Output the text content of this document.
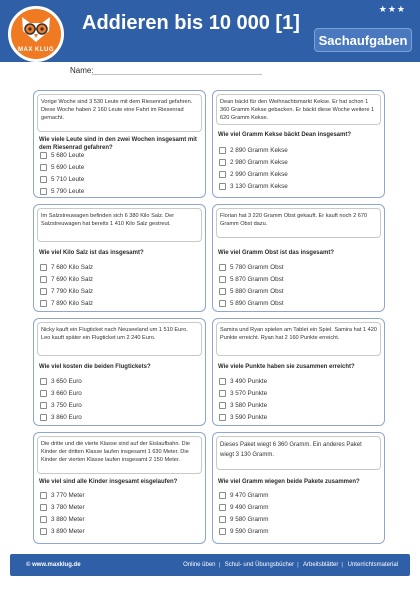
MAX KLUG
Addieren bis 10 000 [1]
★★★
Sachaufgaben
Name:
Vorige Woche sind 3 530 Leute mit dem Riesenrad gefahren. Diese Woche haben 2 160 Leute eine Fahrt im Riesenrad gemacht.
Wie viele Leute sind in den zwei Wochen insgesamt mit dem Riesenrad gefahren?
5 680 Leute
5 690 Leute
5 710 Leute
5 790 Leute
Dean bäckt für den Weihnachtsmarkt Kekse. Er hat schon 1 360 Gramm Kekse gebacken. Er bäckt diese Woche weitere 1 620 Gramm Kekse.
Wie viel Gramm Kekse bäckt Dean insgesamt?
2 890 Gramm Kekse
2 980 Gramm Kekse
2 990 Gramm Kekse
3 130 Gramm Kekse
Im Salzstreuwagen befinden sich 6 380 Kilo Salz. Der Salzstreuwagen hat bereits 1 410 Kilo Salz gestreut.
Wie viel Kilo Salz ist das insgesamt?
7 680 Kilo Salz
7 690 Kilo Salz
7 790 Kilo Salz
7 890 Kilo Salz
Florian hat 3 220 Gramm Obst gekauft. Er kauft noch 2 670 Gramm Obst dazu.
Wie viel Gramm Obst ist das insgesamt?
5 780 Gramm Obst
5 870 Gramm Obst
5 880 Gramm Obst
5 890 Gramm Obst
Nicky kauft ein Flugticket nach Neuseeland um 1 510 Euro. Leo kauft später ein Flugticket um 2 240 Euro.
Wie viel kosten die beiden Flugtickets?
3 650 Euro
3 660 Euro
3 750 Euro
3 860 Euro
Samira und Ryan spielen am Tablet ein Spiel. Samira hat 1 420 Punkte erreicht. Ryan hat 2 160 Punkte erreicht.
Wie viele Punkte haben sie zusammen erreicht?
3 490 Punkte
3 570 Punkte
3 580 Punkte
3 590 Punkte
Die dritte und die vierte Klasse sind auf der Eislaufbahn. Die Kinder der dritten Klasse laufen insgesamt 1 630 Meter. Die Kinder der vierten Klasse laufen insgesamt 2 150 Meter.
Wie viel sind alle Kinder insgesamt eisgelaufen?
3 770 Meter
3 780 Meter
3 880 Meter
3 890 Meter
Dieses Paket wiegt 6 360 Gramm. Ein anderes Paket wiegt 3 130 Gramm.
Wie viel Gramm wiegen beide Pakete zusammen?
9 470 Gramm
9 490 Gramm
9 580 Gramm
9 590 Gramm
© www.maxklug.de	Online üben | Schul- und Übungsbücher | Arbeitsblätter | Unterrichtsmaterial
